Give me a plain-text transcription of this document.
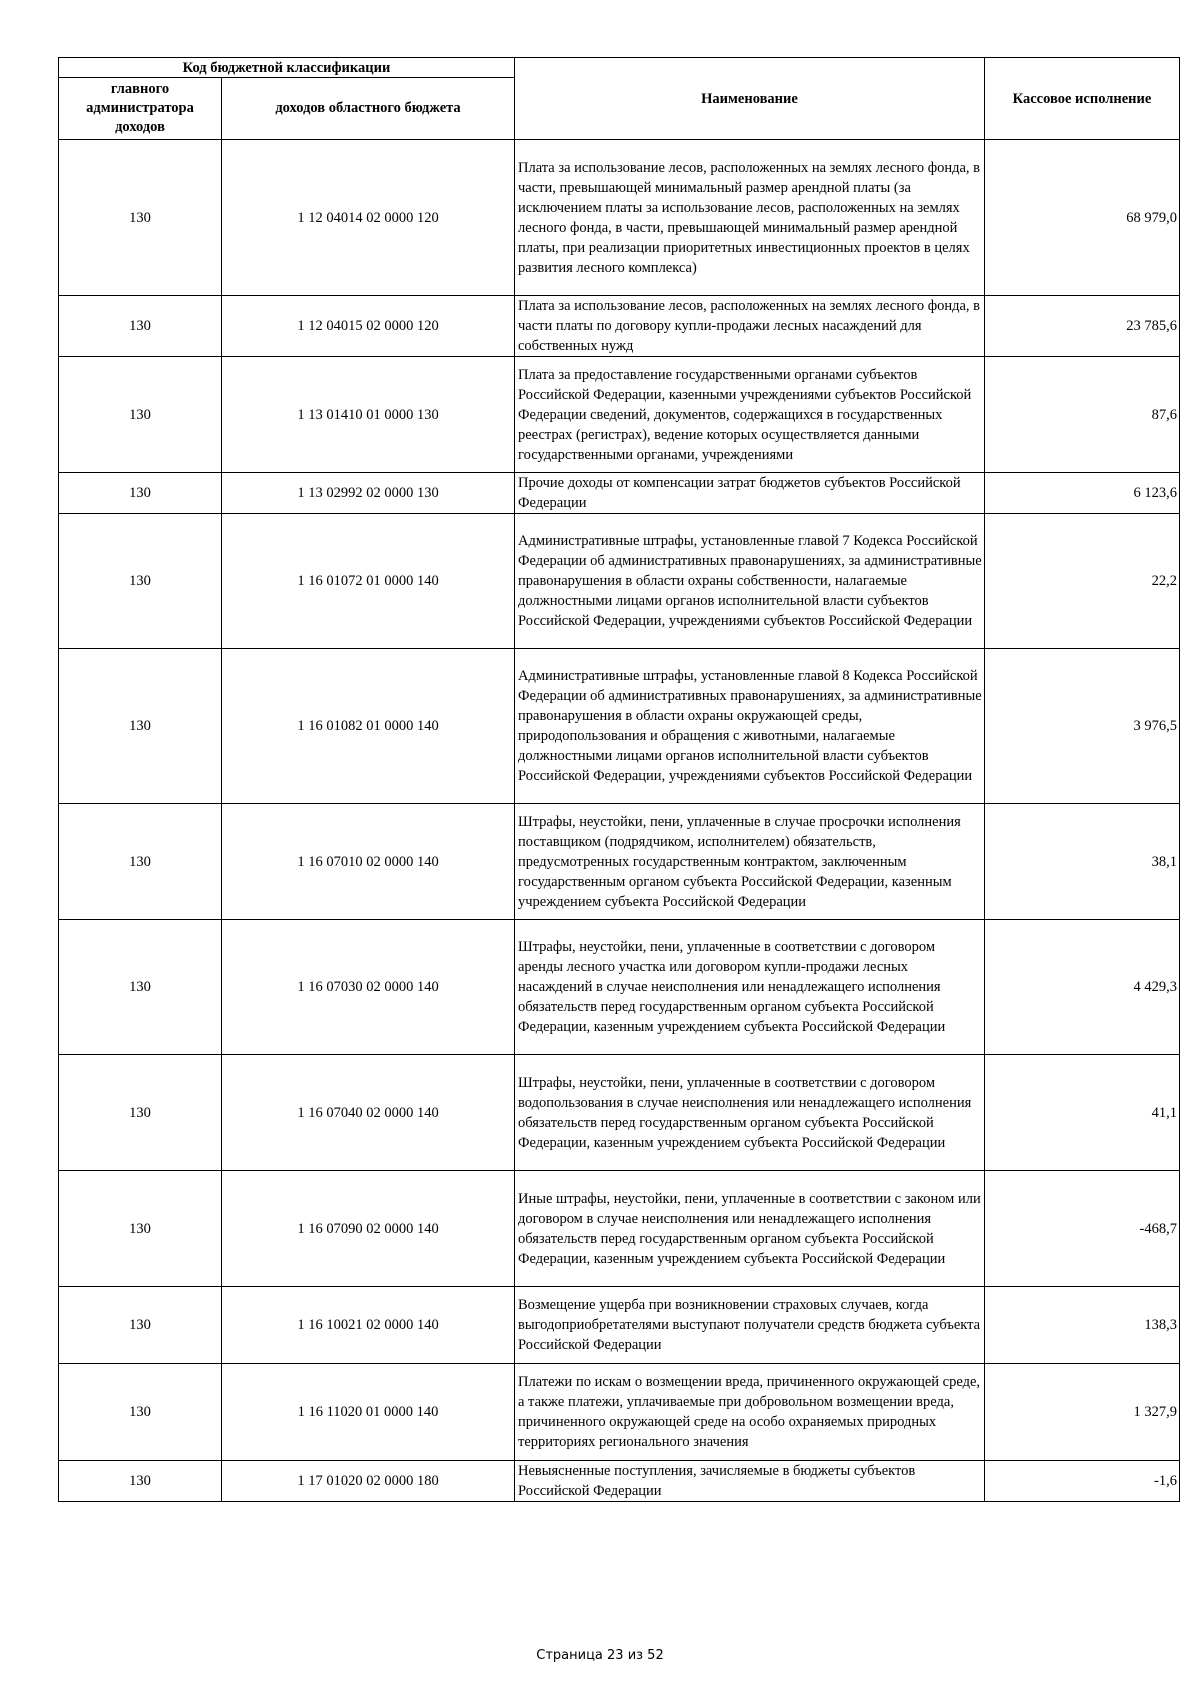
Код бюджетной классификации		Наименование	Кассовое исполнение
главного администратора доходов	доходов областного бюджета		
130	1 12 04014 02 0000 120	Плата за использование лесов, расположенных на землях лесного фонда, в части, превышающей минимальный размер арендной платы (за исключением платы за использование лесов, расположенных на землях лесного фонда, в части, превышающей минимальный размер арендной платы, при реализации приоритетных инвестиционных проектов в целях развития лесного комплекса)	68 979,0
130	1 12 04015 02 0000 120	Плата за использование лесов, расположенных на землях лесного фонда, в части платы по договору купли-продажи лесных насаждений для собственных нужд	23 785,6
130	1 13 01410 01 0000 130	Плата за предоставление государственными органами субъектов Российской Федерации, казенными учреждениями субъектов Российской Федерации сведений, документов, содержащихся в государственных реестрах (регистрах), ведение которых осуществляется данными государственными органами, учреждениями	87,6
130	1 13 02992 02 0000 130	Прочие доходы от компенсации затрат бюджетов субъектов Российской Федерации	6 123,6
130	1 16 01072 01 0000 140	Административные штрафы, установленные главой 7 Кодекса Российской Федерации об административных правонарушениях, за административные правонарушения в области охраны собственности, налагаемые должностными лицами органов исполнительной власти субъектов Российской Федерации, учреждениями субъектов Российской Федерации	22,2
130	1 16 01082 01 0000 140	Административные штрафы, установленные главой 8 Кодекса Российской Федерации об административных правонарушениях, за административные правонарушения в области охраны окружающей среды, природопользования и обращения с животными, налагаемые должностными лицами органов исполнительной власти субъектов Российской Федерации, учреждениями субъектов Российской Федерации	3 976,5
130	1 16 07010 02 0000 140	Штрафы, неустойки, пени, уплаченные в случае просрочки исполнения поставщиком (подрядчиком, исполнителем) обязательств, предусмотренных государственным контрактом, заключенным государственным органом субъекта Российской Федерации, казенным учреждением субъекта Российской Федерации	38,1
130	1 16 07030 02 0000 140	Штрафы, неустойки, пени, уплаченные в соответствии с договором аренды лесного участка или договором купли-продажи лесных насаждений в случае неисполнения или ненадлежащего исполнения обязательств перед государственным органом субъекта Российской Федерации, казенным учреждением субъекта Российской Федерации	4 429,3
130	1 16 07040 02 0000 140	Штрафы, неустойки, пени, уплаченные в соответствии с договором водопользования в случае неисполнения или ненадлежащего исполнения обязательств перед государственным органом субъекта Российской Федерации, казенным учреждением субъекта Российской Федерации	41,1
130	1 16 07090 02 0000 140	Иные штрафы, неустойки, пени, уплаченные в соответствии с законом или договором в случае неисполнения или ненадлежащего исполнения обязательств перед государственным органом субъекта Российской Федерации, казенным учреждением субъекта Российской Федерации	-468,7
130	1 16 10021 02 0000 140	Возмещение ущерба при возникновении страховых случаев, когда выгодоприобретателями выступают получатели средств бюджета субъекта Российской Федерации	138,3
130	1 16 11020 01 0000 140	Платежи по искам о возмещении вреда, причиненного окружающей среде, а также платежи, уплачиваемые при добровольном возмещении вреда, причиненного окружающей среде на особо охраняемых природных территориях регионального значения	1 327,9
130	1 17 01020 02 0000 180	Невыясненные поступления, зачисляемые в бюджеты субъектов Российской Федерации	-1,6
Страница 23 из 52
